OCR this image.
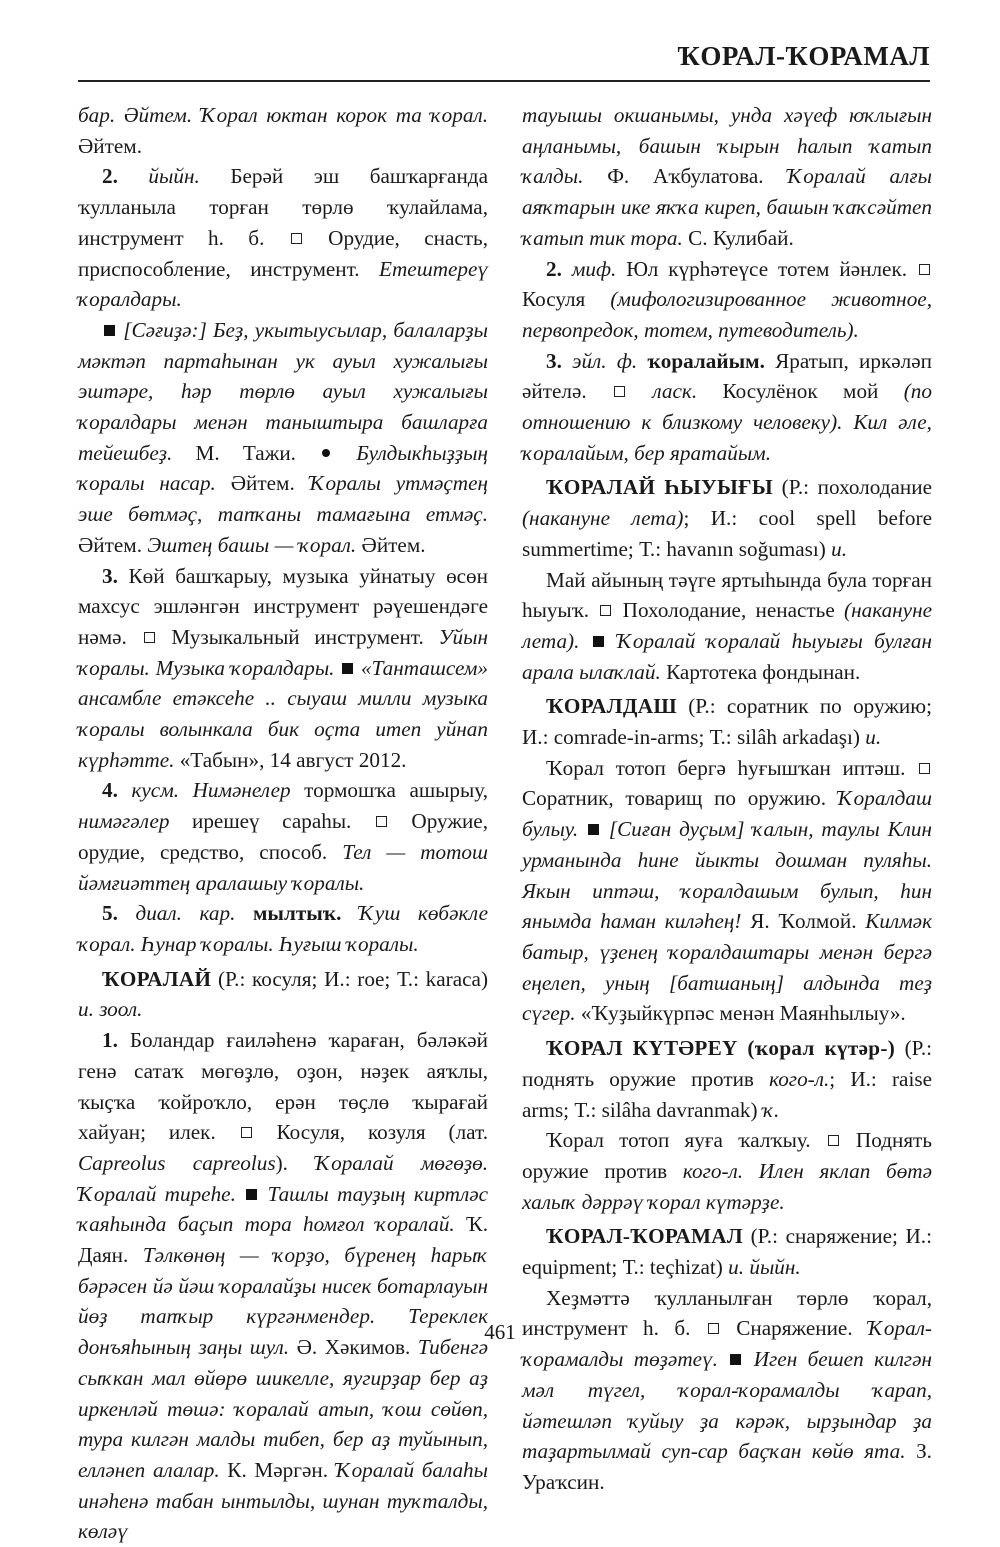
ҠОРАЛ-ҠОРАМАЛ

бар. Әйтем. Ҡорал юктан корок та ҡорал. Әйтем.

2. йыйн. Берәй эш башҡарғанда ҡулланыла торған төрлө ҡулайлама, инструмент һ. б.  Орудие, снасть, приспособление, инструмент. Етештереү ҡоралдары.

[Сәғиҙә:] Беҙ, укытыусылар, балаларҙы мәктәп партаһынан ук ауыл хужалығы эштәре, һәр төрлө ауыл хужалығы ҡоралдары менән таныштыра башларға тейешбеҙ. М. Тажи.  Булдыкһыҙҙың ҡоралы насар. Әйтем. Ҡоралы утмәҫтең эше бөтмәҫ, тапҡаны тамағына етмәҫ. Әйтем. Эштең башы — ҡорал. Әйтем.

3. Көй башҡарыу, музыка уйнатыу өсөн махсус эшләнгән инструмент рәүешендәге нәмә.  Музыкальный инструмент. Уйын ҡоралы. Музыка ҡоралдары. «Танташсем» ансамбле етәксеһе .. сыуаш милли музыка ҡоралы волынкала бик оҫта итеп уйнап күрһәтте. «Табын», 14 август 2012.

4. кусм. Нимәнелер тормошҡа ашырыу, нимәгәлер ирешеү сараһы.  Оружие, орудие, средство, способ. Тел — тотош йәмғиәттең аралашыу ҡоралы.

5. диал. кар. мылтыҡ. Ҡуш көбәкле ҡорал. Һунар ҡоралы. Һуғыш ҡоралы.

ҠОРАЛАЙ (Р.: косуля; И.: roe; Т.: karaca) и. зоол.

1. Боландар ғаиләһенә ҡараған, бәләкәй генә сатаҡ мөгөҙлө, оҙон, нәҙек аяҡлы, ҡыҫҡа ҡойроҡло, ерән төҫлө ҡырағай хайуан; илек.  Косуля, козуля (лат. Capreolus capreolus). Ҡоралай мөгөҙө. Ҡоралай тиреһе. Ташлы тауҙың киртләс ҡаяһында баҫып тора һомғол ҡоралай. Ҡ. Даян. Тәлкөнөң — ҡорҙо, бүренең һарыҡ бәрәсен йә йәш ҡоралайҙы нисек ботарлауын йөҙ тапҡыр күргәнмендер. Тереклек донъяһының заңы шул. Ә. Хәкимов. Тибенгә сыҡкан мал өйөрө шикелле, яугирҙар бер аҙ иркенләй төшә: ҡоралай атып, ҡош сөйөп, тура килгән малды тибеп, бер аҙ туйынып, елләнеп алалар. К. Мәргән. Ҡоралай балаһы инәһенә табан ынтылды, шунан туҡталды, көләү

тауышы окшанымы, унда хәүеф юҡлығын аңланымы, башын ҡырын һалып ҡатып ҡалды. Ф. Аҡбулатова. Ҡоралай алғы аяҡтарын ике яҡҡа киреп, башын ҡаҡсәйтеп ҡатып тик тора. С. Кулибай.

2. миф. Юл күрһәтеүсе тотем йәнлек.  Косуля (мифологизированное животное, первопредок, тотем, путеводитель).

3. эйл. ф. ҡоралайым. Яратып, иркәләп әйтелә.  ласк. Косулёнок мой (по отношению к близкому человеку). Кил әле, ҡоралайым, бер яратайым.

ҠОРАЛАЙ ҺЫУЫҒЫ (Р.: похолодание (накануне лета); И.: cool spell before summertime; Т.: havanın soğuması) и.

Май айының тәүге яртыһында була торған һыуыҡ.  Похолодание, ненастье (накануне лета).  Ҡоралай ҡоралай һыуығы булған арала ылаҡлай. Картотека фондынан.

ҠОРАЛДАШ (Р.: соратник по оружию; И.: comrade-in-arms; Т.: silâh arkadaşı) и.

Ҡорал тотоп бергә һуғышҡан иптәш.  Соратник, товарищ по оружию. Ҡоралдаш булыу.  [Сиған дуҫым] ҡалын, таулы Клин урманында һине йыкты дошман пуляһы. Якын иптәш, ҡоралдашым булып, һин янымда һаман киләһең! Я. Ҡолмой. Килмәк батыр, үҙенең ҡоралдаштары менән бергә еңелеп, уның [батшаның] алдында теҙ сүгер. «Ҡуҙыйкүрпәс менән Маянһылыу».

ҠОРАЛ КҮТӘРЕҮ (ҡорал күтәр-) (Р.: поднять оружие против кого-л.; И.: raise arms; Т.: silâha davranmak) ҡ.

Ҡорал тотоп яуға ҡалҡыу.  Поднять оружие против кого-л. Илен яклап бөтә халыҡ дәррәү ҡорал күтәрҙе.

ҠОРАЛ-ҠОРАМАЛ (Р.: снаряжение; И.: equipment; Т.: teçhizat) и. йыйн.

Хеҙмәттә ҡулланылған төрлө ҡорал, инструмент һ. б.  Снаряжение. Ҡорал-ҡорамалды төҙәтеү.  Иген бешеп килгән мәл түгел, ҡорал-ҡорамалды ҡарап, йәтешләп ҡуйыу ҙа кәрәк, ырҙындар ҙа таҙартылмай суп-сар баҫҡан көйө ята. З. Ураҡсин.

461
